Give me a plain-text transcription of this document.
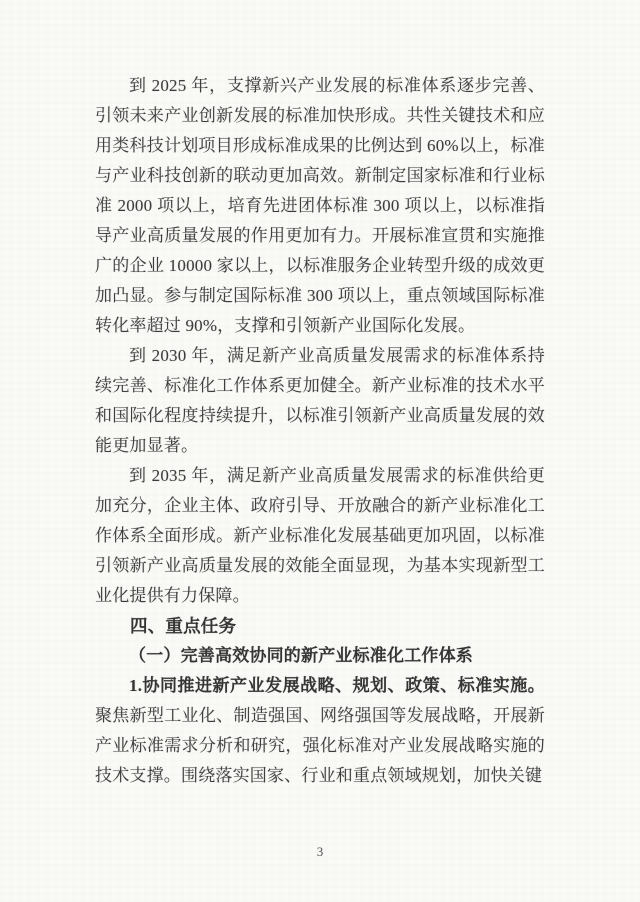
到 2025 年，支撑新兴产业发展的标准体系逐步完善、引领未来产业创新发展的标准加快形成。共性关键技术和应用类科技计划项目形成标准成果的比例达到 60%以上，标准与产业科技创新的联动更加高效。新制定国家标准和行业标准 2000 项以上，培育先进团体标准 300 项以上，以标准指导产业高质量发展的作用更加有力。开展标准宣贯和实施推广的企业 10000 家以上，以标准服务企业转型升级的成效更加凸显。参与制定国际标准 300 项以上，重点领域国际标准转化率超过 90%，支撑和引领新产业国际化发展。

到 2030 年，满足新产业高质量发展需求的标准体系持续完善、标准化工作体系更加健全。新产业标准的技术水平和国际化程度持续提升，以标准引领新产业高质量发展的效能更加显著。

到 2035 年，满足新产业高质量发展需求的标准供给更加充分，企业主体、政府引导、开放融合的新产业标准化工作体系全面形成。新产业标准化发展基础更加巩固，以标准引领新产业高质量发展的效能全面显现，为基本实现新型工业化提供有力保障。

四、重点任务

（一）完善高效协同的新产业标准化工作体系

1.协同推进新产业发展战略、规划、政策、标准实施。聚焦新型工业化、制造强国、网络强国等发展战略，开展新产业标准需求分析和研究，强化标准对产业发展战略实施的技术支撑。围绕落实国家、行业和重点领域规划，加快关键

3
